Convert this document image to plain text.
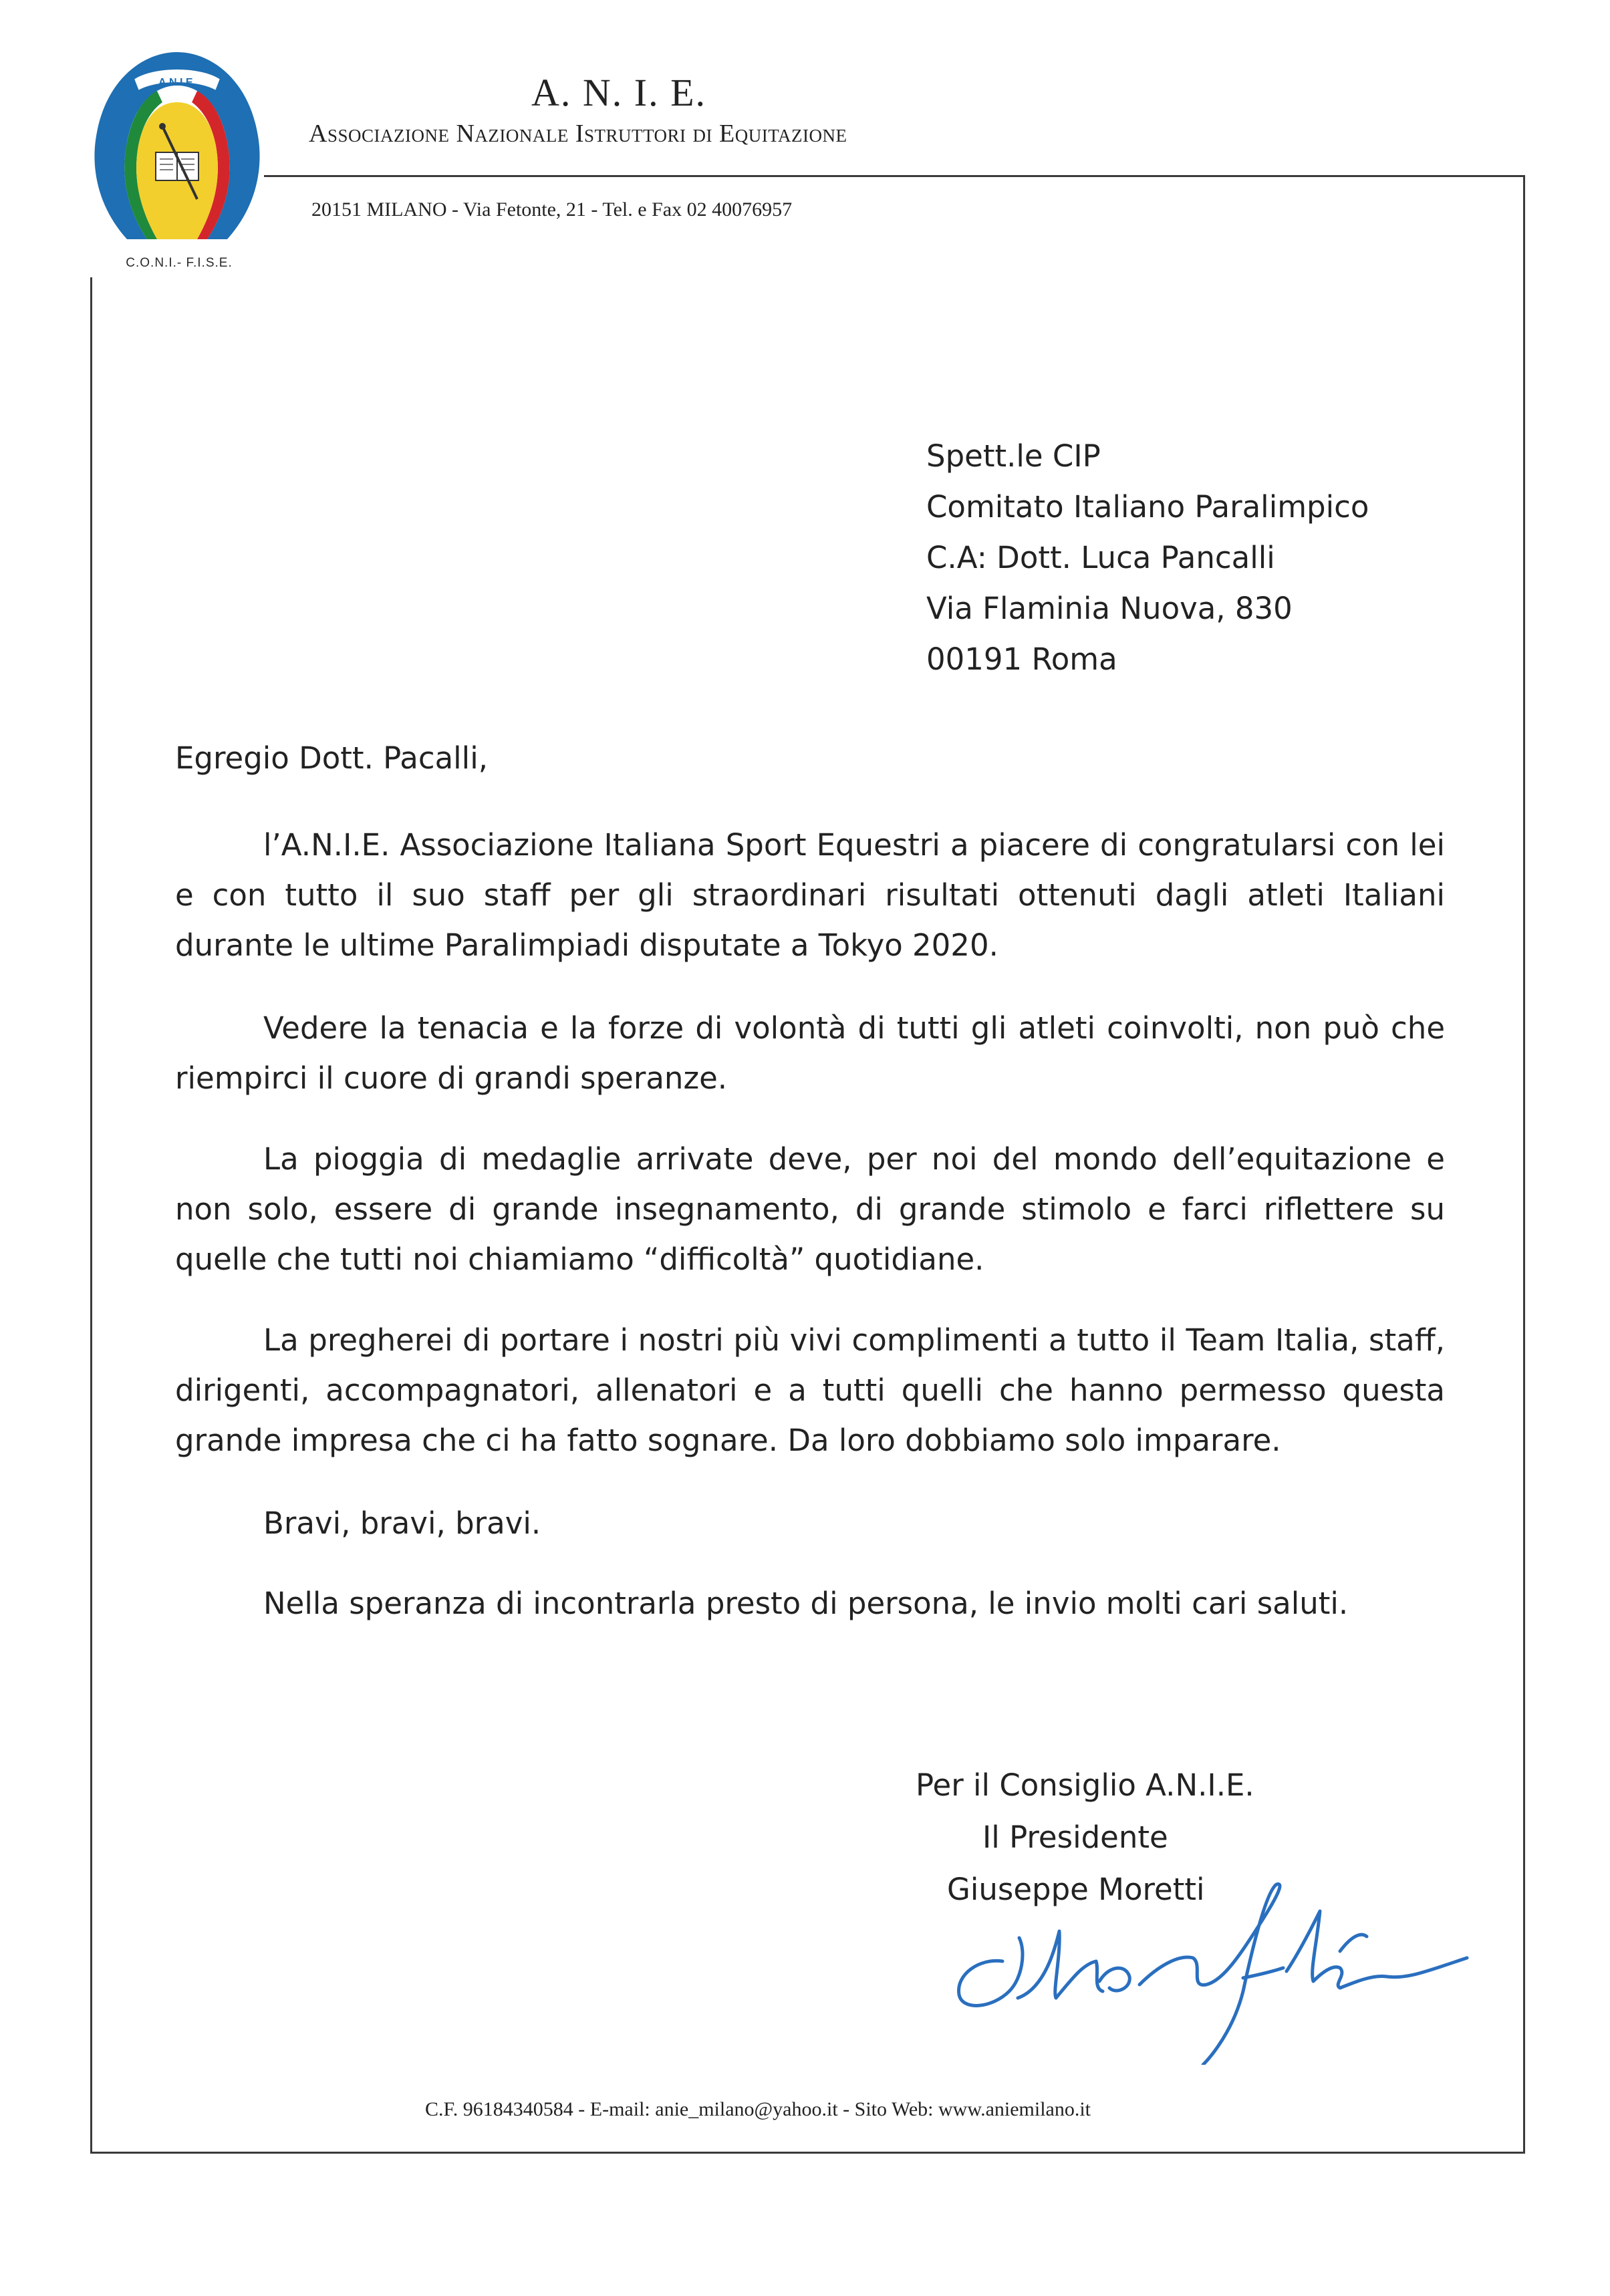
A.N.I.E.
C.O.N.I.- F.I.S.E.
A. N. I. E.
Associazione Nazionale Istruttori di Equitazione
20151 MILANO - Via Fetonte, 21 - Tel. e Fax 02 40076957
Spett.le CIP
Comitato Italiano Paralimpico
C.A: Dott. Luca Pancalli
Via Flaminia Nuova, 830
00191 Roma
Egregio Dott. Pacalli,
l’A.N.I.E. Associazione Italiana Sport Equestri a piacere di congratularsi con lei e con tutto il suo staff per gli straordinari risultati ottenuti dagli atleti Italiani durante le ultime Paralimpiadi disputate a Tokyo 2020.
Vedere la tenacia e la forze di volontà di tutti gli atleti coinvolti, non può che riempirci il cuore di grandi speranze.
La pioggia di medaglie arrivate deve, per noi del mondo dell’equitazione e non solo, essere di grande insegnamento, di grande stimolo e farci riflettere su quelle che tutti noi chiamiamo “difficoltà” quotidiane.
La pregherei di portare i nostri più vivi complimenti a tutto il Team Italia, staff, dirigenti, accompagnatori, allenatori e a tutti quelli che hanno permesso questa grande impresa che ci ha fatto sognare. Da loro dobbiamo solo imparare.
Bravi, bravi, bravi.
Nella speranza di incontrarla presto di persona, le invio molti cari saluti.
Per il Consiglio A.N.I.E.
Il Presidente
Giuseppe Moretti
C.F. 96184340584 - E-mail: anie_milano@yahoo.it - Sito Web: www.aniemilano.it
